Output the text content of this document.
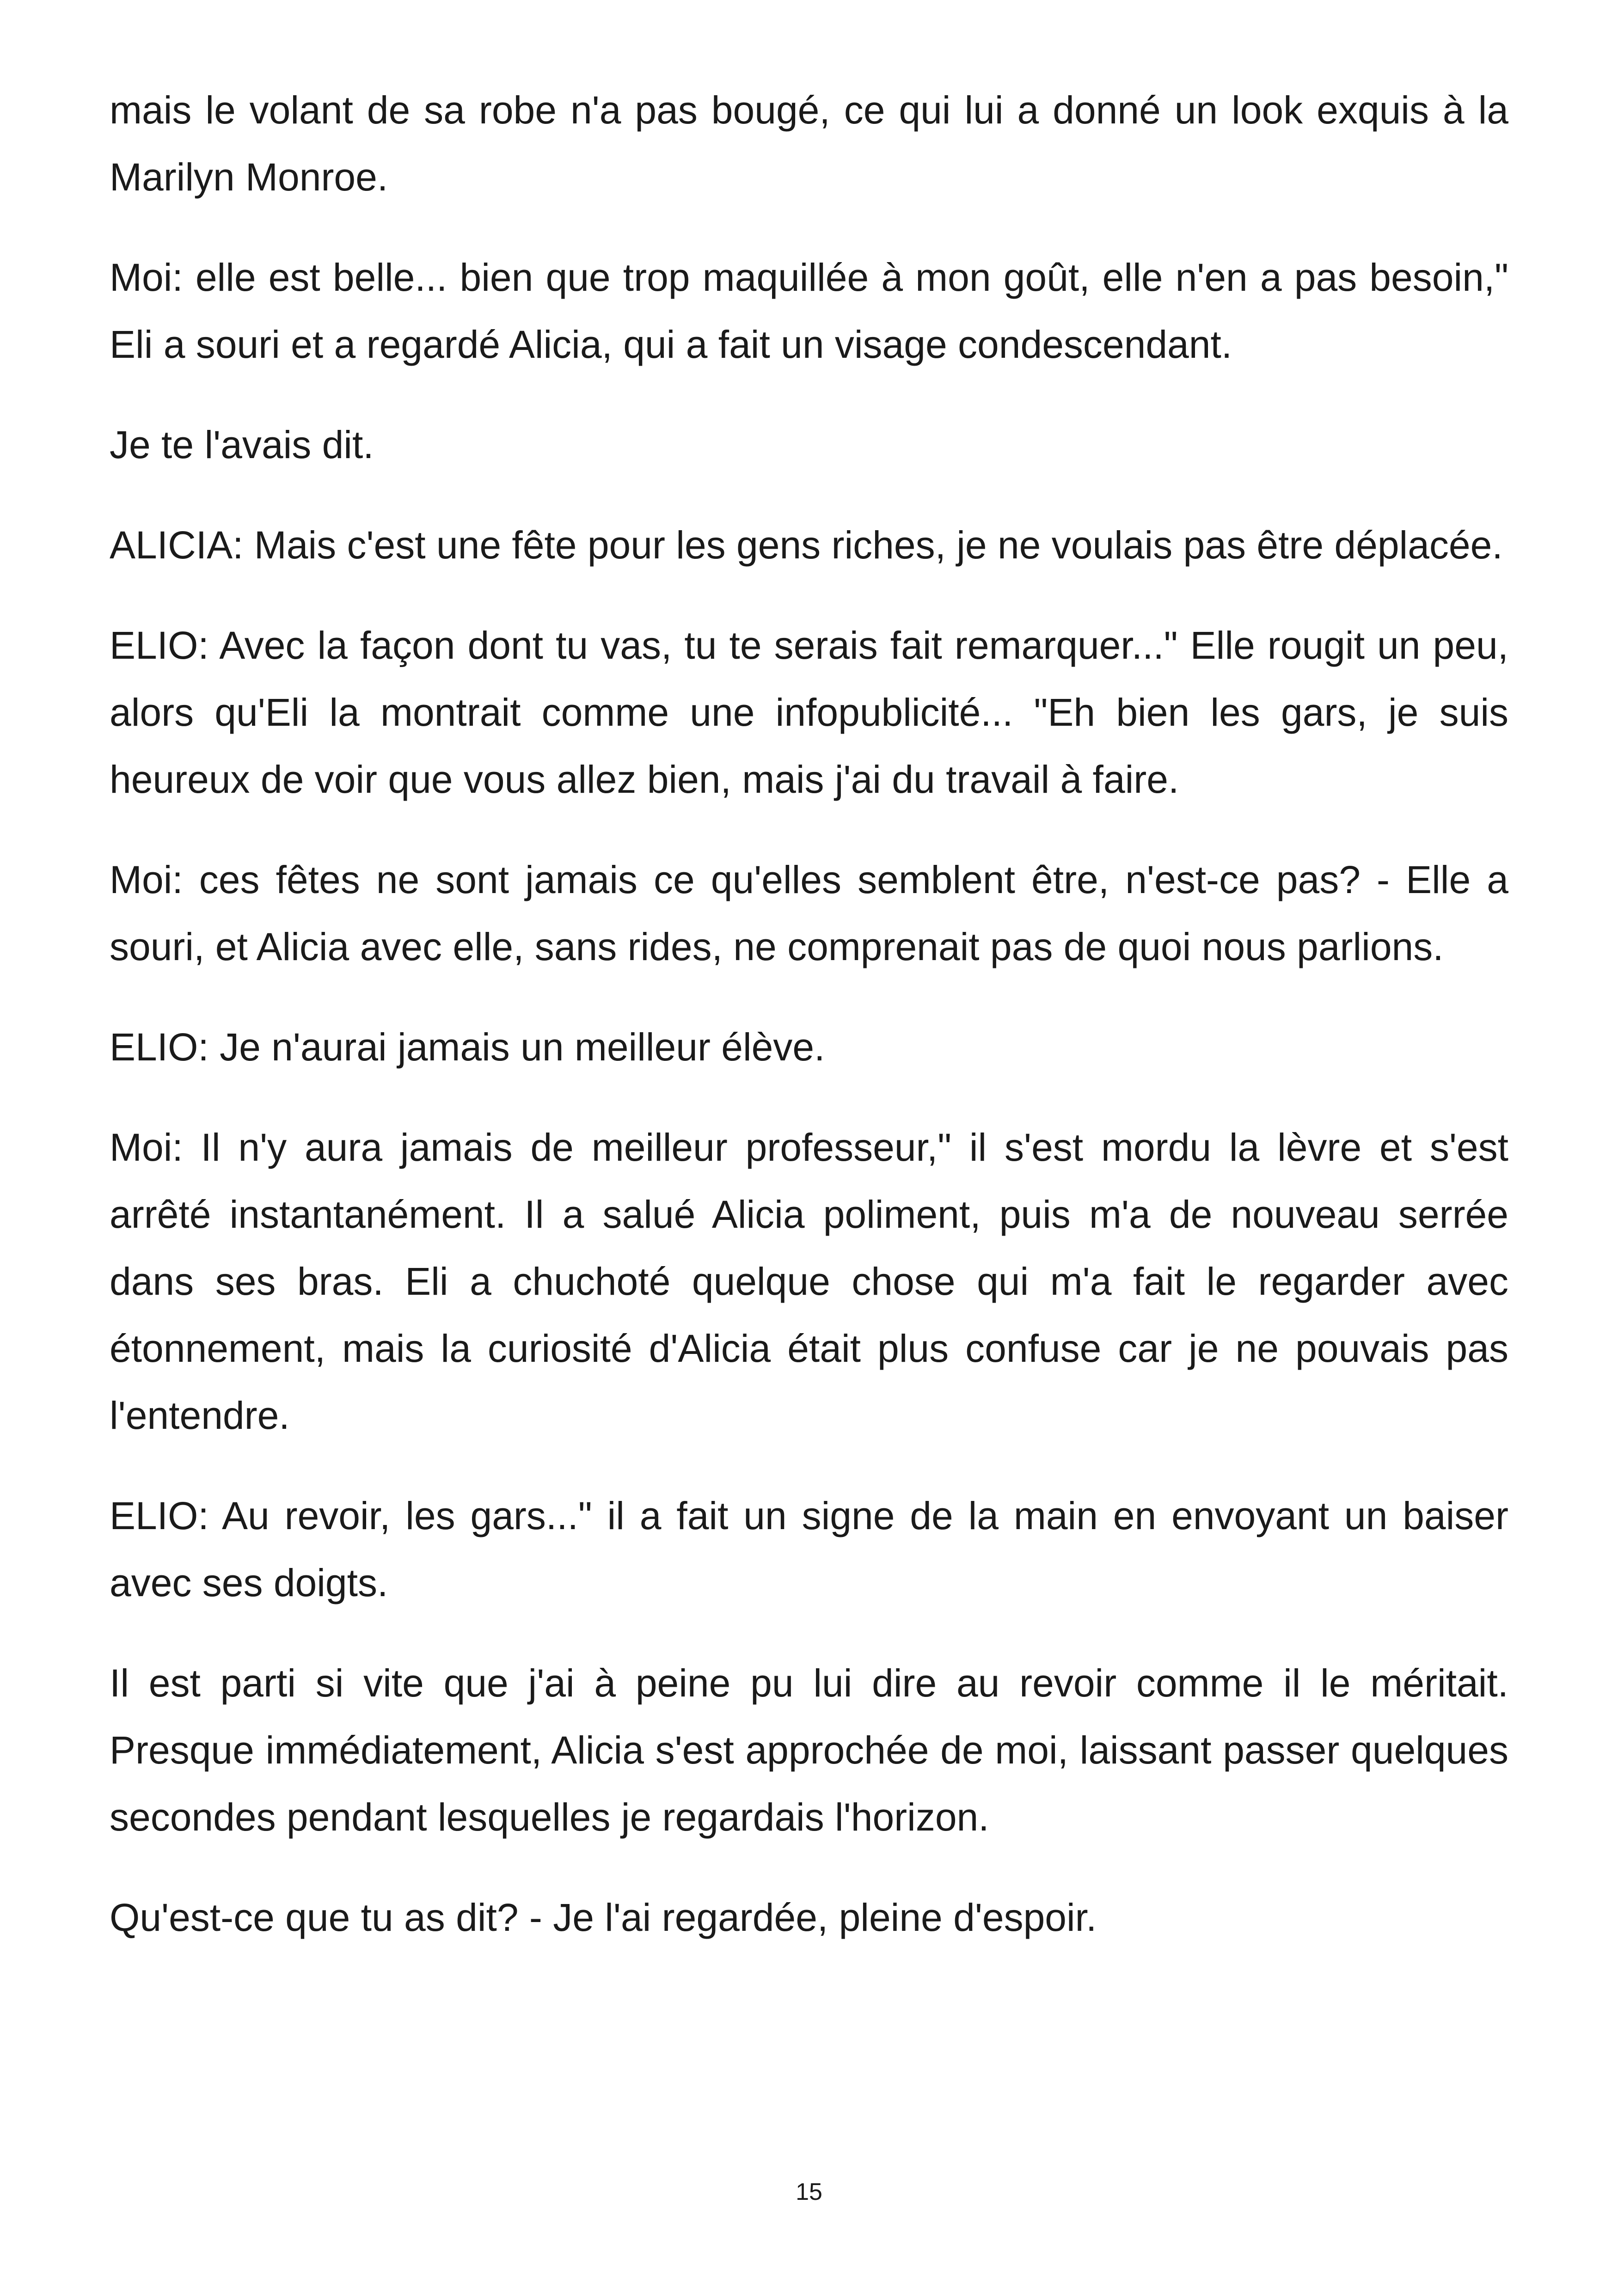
mais le volant de sa robe n'a pas bougé, ce qui lui a donné un look exquis à la Marilyn Monroe.

Moi: elle est belle... bien que trop maquillée à mon goût, elle n'en a pas besoin," Eli a souri et a regardé Alicia, qui a fait un visage condescendant.

Je te l'avais dit.

ALICIA: Mais c'est une fête pour les gens riches, je ne voulais pas être déplacée.

ELIO: Avec la façon dont tu vas, tu te serais fait remarquer..." Elle rougit un peu, alors qu'Eli la montrait comme une infopublicité... "Eh bien les gars, je suis heureux de voir que vous allez bien, mais j'ai du travail à faire.

Moi: ces fêtes ne sont jamais ce qu'elles semblent être, n'est-ce pas? - Elle a souri, et Alicia avec elle, sans rides, ne comprenait pas de quoi nous parlions.

ELIO: Je n'aurai jamais un meilleur élève.

Moi: Il n'y aura jamais de meilleur professeur," il s'est mordu la lèvre et s'est arrêté instantanément. Il a salué Alicia poliment, puis m'a de nouveau serrée dans ses bras. Eli a chuchoté quelque chose qui m'a fait le regarder avec étonnement, mais la curiosité d'Alicia était plus confuse car je ne pouvais pas l'entendre.

ELIO: Au revoir, les gars..." il a fait un signe de la main en envoyant un baiser avec ses doigts.

Il est parti si vite que j'ai à peine pu lui dire au revoir comme il le méritait. Presque immédiatement, Alicia s'est approchée de moi, laissant passer quelques secondes pendant lesquelles je regardais l'horizon.

Qu'est-ce que tu as dit? - Je l'ai regardée, pleine d'espoir.

15
